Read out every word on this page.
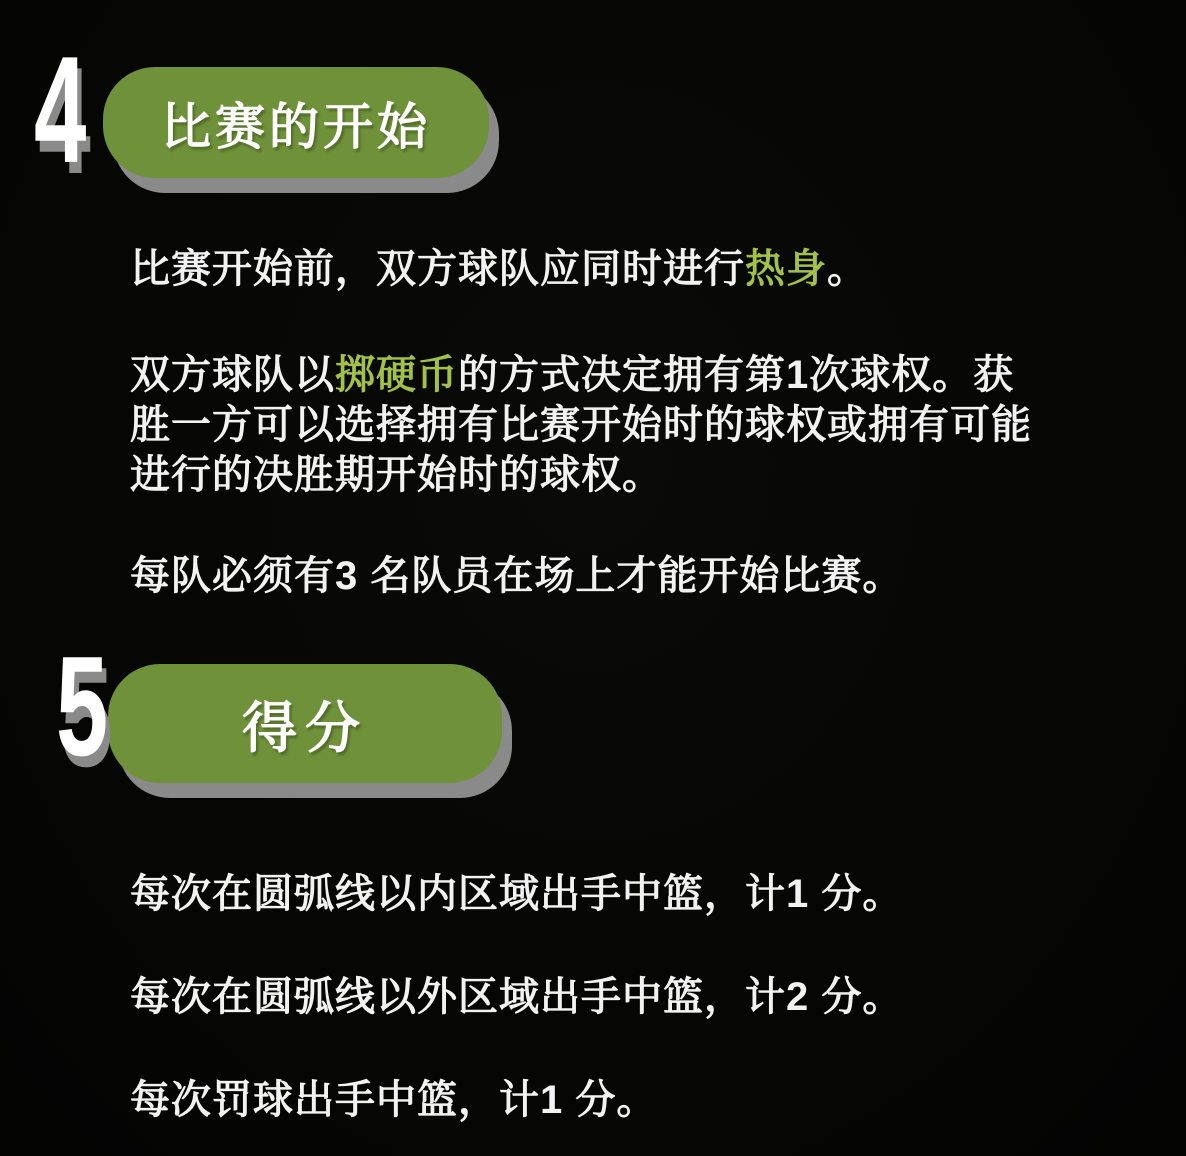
4 比赛的开始

比赛开始前，双方球队应同时进行热身。

双方球队以掷硬币的方式决定拥有第1次球权。获
胜一方可以选择拥有比赛开始时的球权或拥有可能
进行的决胜期开始时的球权。

每队必须有3 名队员在场上才能开始比赛。

5 得分

每次在圆弧线以内区域出手中篮，计1 分。

每次在圆弧线以外区域出手中篮，计2 分。

每次罚球出手中篮，计1 分。
